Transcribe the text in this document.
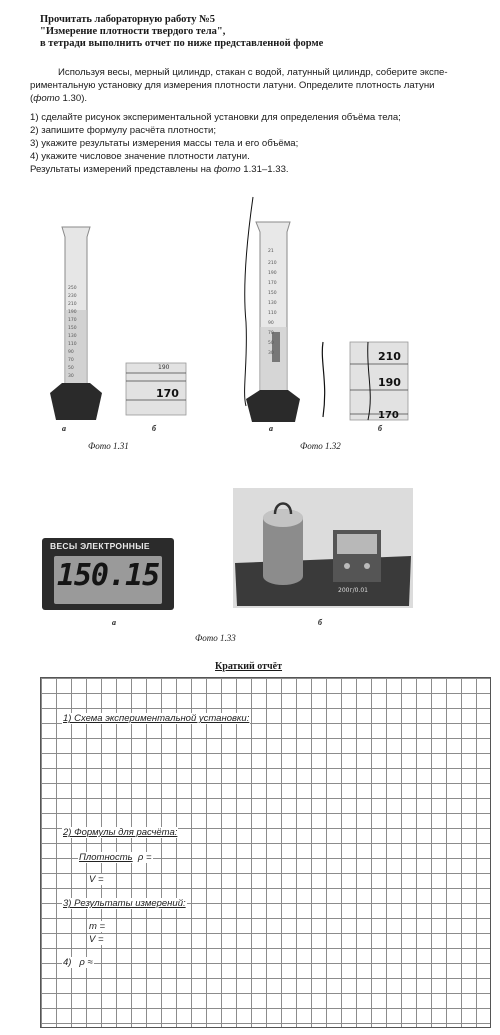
Прочитать лабораторную работу №5
"Измерение плотности твердого тела",
в тетради выполнить отчет по ниже представленной форме
Используя весы, мерный цилиндр, стакан с водой, латунный цилиндр, соберите экспе-
риментальную установку для измерения плотности латуни. Определите плотность латуни
(фото 1.30).
1) сделайте рисунок экспериментальной установки для определения объёма тела;
2) запишите формулу расчёта плотности;
3) укажите результаты измерения массы тела и его объёма;
4) укажите числовое значение плотности латуни.
Результаты измерений представлены на фото 1.31–1.33.
250
230
210
190
170
150
130
110
90
70
50
30
190
170
а	б
Фото 1.31
21
210
190
170
150
130
110
90
70
50
30	210
190
170
а	б
Фото 1.32
ВЕСЫ ЭЛЕКТРОННЫЕ
150.15	200г/0.01
а	б
Фото 1.33
Краткий отчёт
1) Схема экспериментальной установки:
2) Формулы для расчёта:
Плотность ρ =
V =
3) Результаты измерений:
m =
V =
4) ρ ≈
